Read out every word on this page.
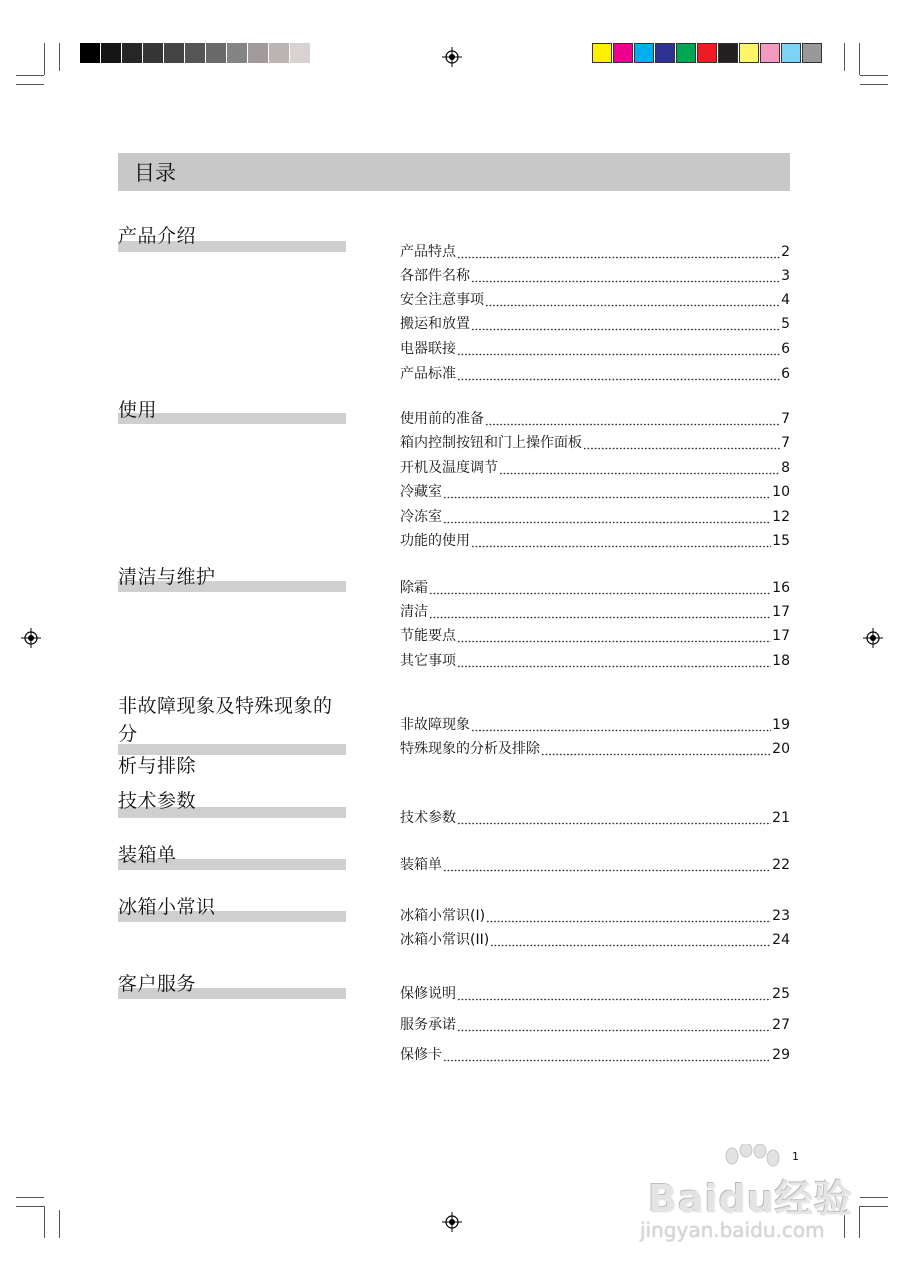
目录
产品介绍
使用
清洁与维护
非故障现象及特殊现象的分
析与排除
技术参数
装箱单
冰箱小常识
客户服务
产品特点	2
各部件名称	3
安全注意事项	4
搬运和放置	5
电器联接	6
产品标准	6
使用前的准备	7
箱内控制按钮和门上操作面板	7
开机及温度调节	8
冷藏室	10
冷冻室	12
功能的使用	15
除霜	16
清洁	17
节能要点	17
其它事项	18
非故障现象	19
特殊现象的分析及排除	20
技术参数	21
装箱单	22
冰箱小常识(I)	23
冰箱小常识(II)	24
保修说明	25
服务承诺	27
保修卡	29
1
Baidu经验
jingyan.baidu.com
